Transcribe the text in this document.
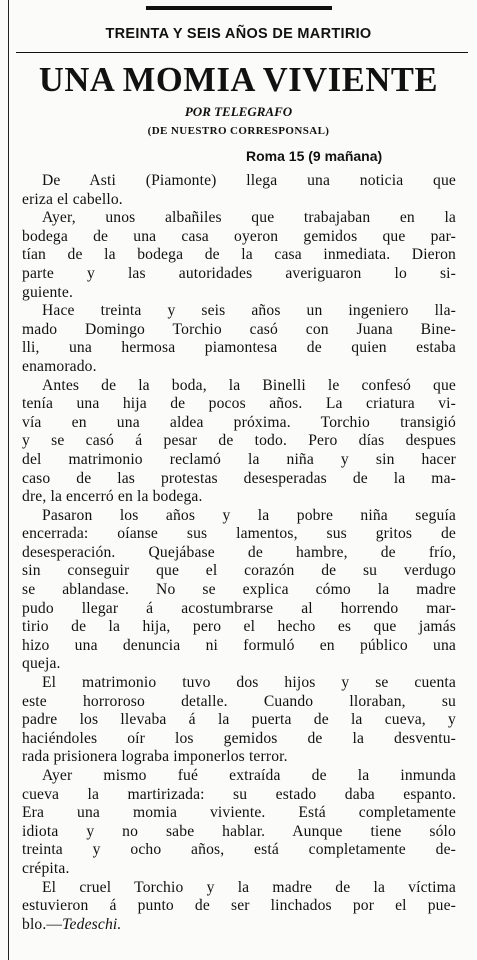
TREINTA Y SEIS AÑOS DE MARTIRIO
UNA MOMIA VIVIENTE
POR TELEGRAFO
(DE NUESTRO CORRESPONSAL)
Roma 15 (9 mañana)
De Asti (Piamonte) llega una noticia que
eriza el cabello.
Ayer, unos albañiles que trabajaban en la
bodega de una casa oyeron gemidos que par-
tían de la bodega de la casa inmediata. Dieron
parte y las autoridades averiguaron lo si-
guiente.
Hace treinta y seis años un ingeniero lla-
mado Domingo Torchio casó con Juana Bine-
lli, una hermosa piamontesa de quien estaba
enamorado.
Antes de la boda, la Binelli le confesó que
tenía una hija de pocos años. La criatura vi-
vía en una aldea próxima. Torchio transigió
y se casó á pesar de todo. Pero días despues
del matrimonio reclamó la niña y sin hacer
caso de las protestas desesperadas de la ma-
dre, la encerró en la bodega.
Pasaron los años y la pobre niña seguía
encerrada: oíanse sus lamentos, sus gritos de
desesperación. Quejábase de hambre, de frío,
sin conseguir que el corazón de su verdugo
se ablandase. No se explica cómo la madre
pudo llegar á acostumbrarse al horrendo mar-
tirio de la hija, pero el hecho es que jamás
hizo una denuncia ni formuló en público una
queja.
El matrimonio tuvo dos hijos y se cuenta
este horroroso detalle. Cuando lloraban, su
padre los llevaba á la puerta de la cueva, y
haciéndoles oír los gemidos de la desventu-
rada prisionera lograba imponerlos terror.
Ayer mismo fué extraída de la inmunda
cueva la martirizada: su estado daba espanto.
Era una momia viviente. Está completamente
idiota y no sabe hablar. Aunque tiene sólo
treinta y ocho años, está completamente de-
crépita.
El cruel Torchio y la madre de la víctima
estuvieron á punto de ser linchados por el pue-
blo.—Tedeschi.
